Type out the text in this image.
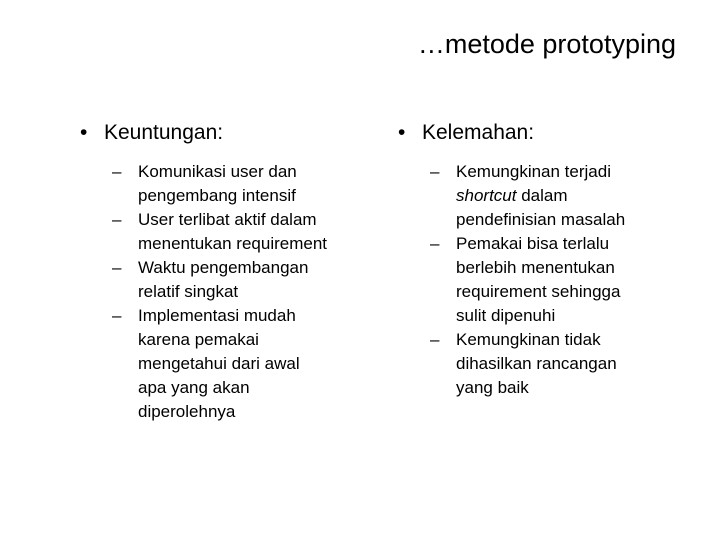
…metode prototyping
• Keuntungan:
– Komunikasi user dan
pengembang intensif
– User terlibat aktif dalam
menentukan requirement
– Waktu pengembangan
relatif singkat
– Implementasi mudah
karena pemakai
mengetahui dari awal
apa yang akan
diperolehnya
• Kelemahan:
– Kemungkinan terjadi
shortcut dalam
pendefinisian masalah
– Pemakai bisa terlalu
berlebih menentukan
requirement sehingga
sulit dipenuhi
– Kemungkinan tidak
dihasilkan rancangan
yang baik
